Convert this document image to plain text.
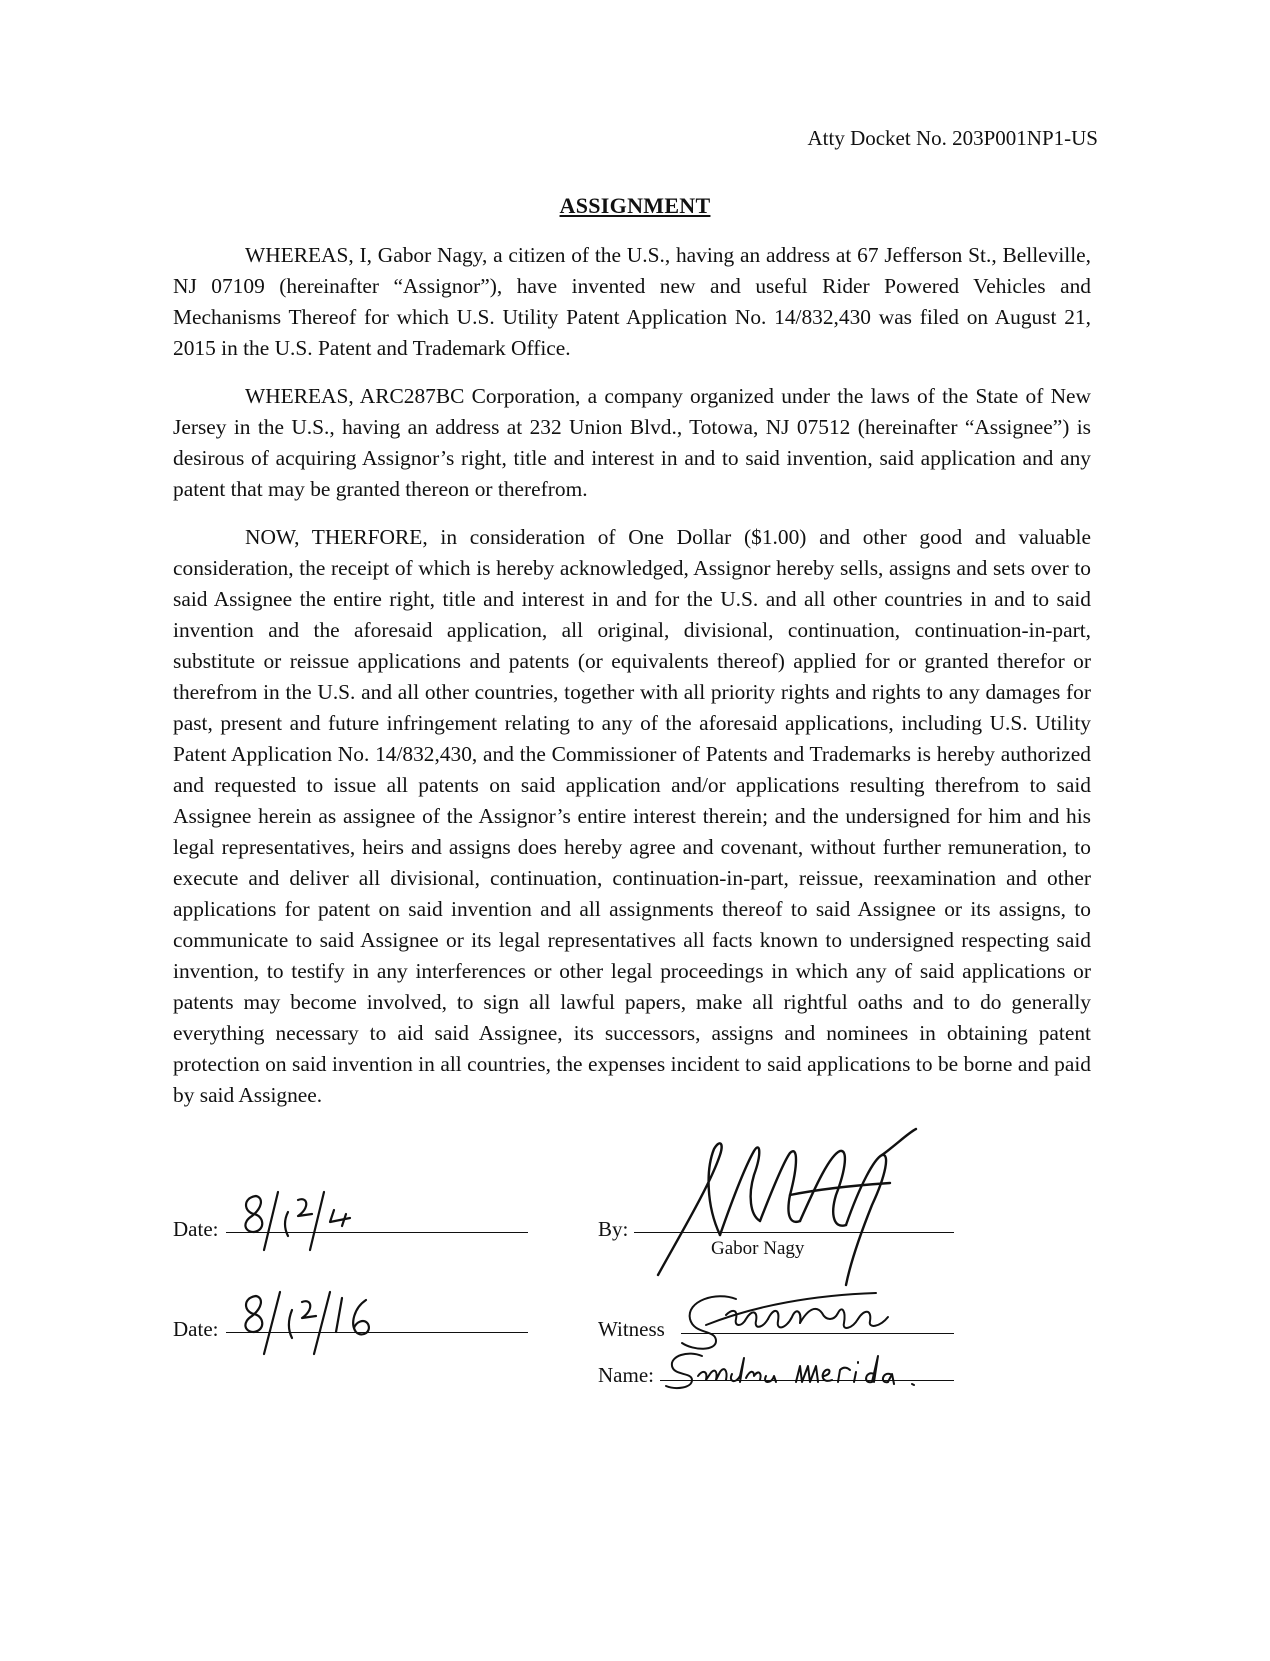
Atty Docket No. 203P001NP1-US
ASSIGNMENT

WHEREAS, I, Gabor Nagy, a citizen of the U.S., having an address at 67 Jefferson St., Belleville, NJ 07109 (hereinafter “Assignor”), have invented new and useful Rider Powered Vehicles and Mechanisms Thereof for which U.S. Utility Patent Application No. 14/832,430 was filed on August 21, 2015 in the U.S. Patent and Trademark Office.

WHEREAS, ARC287BC Corporation, a company organized under the laws of the State of New Jersey in the U.S., having an address at 232 Union Blvd., Totowa, NJ 07512 (hereinafter “Assignee”) is desirous of acquiring Assignor’s right, title and interest in and to said invention, said application and any patent that may be granted thereon or therefrom.

NOW, THERFORE, in consideration of One Dollar ($1.00) and other good and valuable consideration, the receipt of which is hereby acknowledged, Assignor hereby sells, assigns and sets over to said Assignee the entire right, title and interest in and for the U.S. and all other countries in and to said invention and the aforesaid application, all original, divisional, continuation, continuation-in-part, substitute or reissue applications and patents (or equivalents thereof) applied for or granted therefor or therefrom in the U.S. and all other countries, together with all priority rights and rights to any damages for past, present and future infringement relating to any of the aforesaid applications, including U.S. Utility Patent Application No. 14/832,430, and the Commissioner of Patents and Trademarks is hereby authorized and requested to issue all patents on said application and/or applications resulting therefrom to said Assignee herein as assignee of the Assignor’s entire interest therein; and the undersigned for him and his legal representatives, heirs and assigns does hereby agree and covenant, without further remuneration, to execute and deliver all divisional, continuation, continuation-in-part, reissue, reexamination and other applications for patent on said invention and all assignments thereof to said Assignee or its assigns, to communicate to said Assignee or its legal representatives all facts known to undersigned respecting said invention, to testify in any interferences or other legal proceedings in which any of said applications or patents may become involved, to sign all lawful papers, make all rightful oaths and to do generally everything necessary to aid said Assignee, its successors, assigns and nominees in obtaining patent protection on said invention in all countries, the expenses incident to said applications to be borne and paid by said Assignee.

Date:
Date:
By:
Gabor Nagy
Witness
Name:
